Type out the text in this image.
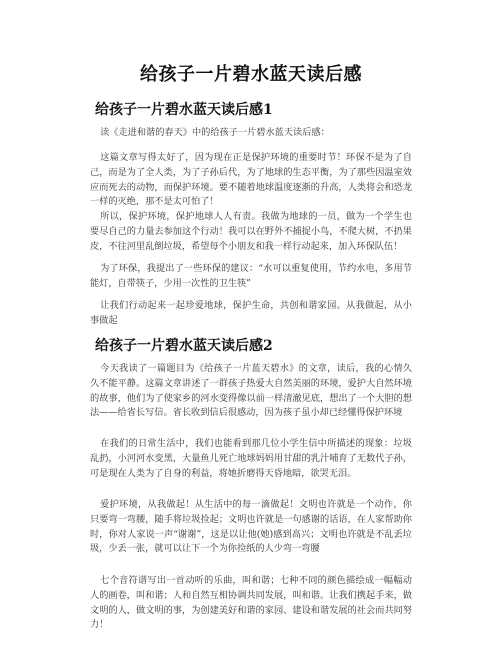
给孩子一片碧水蓝天读后感
给孩子一片碧水蓝天读后感1

读《走进和谐的春天》中的给孩子一片碧水蓝天读后感：

这篇文章写得太好了，因为现在正是保护环境的重要时节！环保不是为了自己，而是为了全人类，为了子孙后代，为了地球的生态平衡，为了那些因温室效应而死去的动物，而保护环境。要不随着地球温度逐渐的升高，人类将会和恐龙一样的灭绝，那不是太可怕了！

所以，保护环境，保护地球人人有责。我做为地球的一员，做为一个学生也要尽自己的力量去参加这个行动！我可以在野外不捕捉小鸟，不爬大树，不扔果皮，不往河里乱倒垃圾，希望每个小朋友和我一样行动起来，加入环保队伍！

为了环保，我提出了一些环保的建议：“水可以重复使用，节约水电，多用节能灯，自带筷子，少用一次性的卫生筷”

让我们行动起来一起珍爱地球，保护生命，共创和谐家园。从我做起，从小事做起

给孩子一片碧水蓝天读后感2

今天我读了一篇题目为《给孩子一片蓝天碧水》的文章，读后，我的心情久久不能平静。这篇文章讲述了一群孩子热爱大自然美丽的环境，爱护大自然环境的故事，他们为了使家乡的河水变得像以前一样清澈见底，想出了一个大胆的想法——给省长写信。省长收到信后很感动，因为孩子虽小却已经懂得保护环境

在我们的日常生活中，我们也能看到那几位小学生信中所描述的现象：垃圾乱扔，小河河水变黑，大量鱼儿死亡地球妈妈用甘甜的乳汁哺育了无数代子孙，可是现在人类为了自身的利益，将她折磨得天昏地暗，欲哭无泪。

爱护环境，从我做起！从生活中的每一滴做起！文明也许就是一个动作，你只要弯一弯腰，随手将垃圾捡起；文明也许就是一句感谢的话语，在人家帮助你时，你对人家说一声“谢谢”，这是以让他(她)感到高兴；文明也许就是不乱丢垃圾，少丢一张，就可以让下一个为你捡纸的人少弯一弯腰

七个音符谱写出一首动听的乐曲，叫和谐；七种不同的颜色描绘成一幅幅动人的画卷，叫和谐；人和自然互相协调共同发展，叫和谐。让我们携起手来，做文明的人，做文明的事，为创建美好和谐的家园、建设和谐发展的社会而共同努力！
